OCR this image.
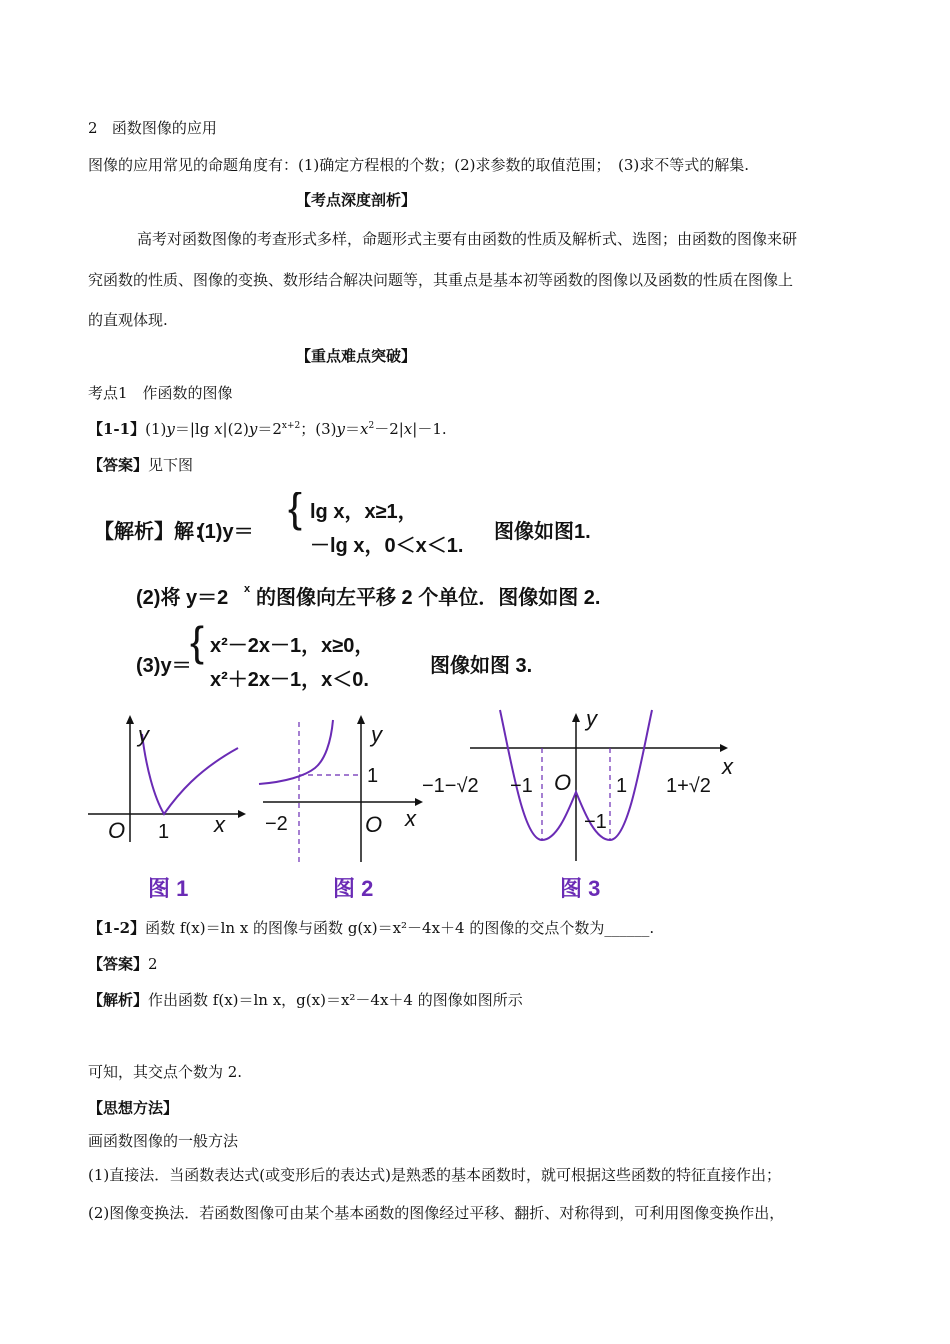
2 函数图像的应用
图像的应用常见的命题角度有：(1)确定方程根的个数；(2)求参数的取值范围；　(3)求不等式的解集.
【考点深度剖析】
高考对函数图像的考查形式多样，命题形式主要有由函数的性质及解析式、选图；由函数的图像来研
究函数的性质、图像的变换、数形结合解决问题等，其重点是基本初等函数的图像以及函数的性质在图像上
的直观体现.
【重点难点突破】
考点1　作函数的图像
【1-1】(1)y＝|lg $x|(2)y=2^{x+2}$；$(3)y=x^2-2|x|-1$.
【答案】见下图
【解析】解：
(1)y＝
{ lg x，x≥1，
－lg x，0＜x＜1.
图像如图1.
(2)将 y＝2 x 的图像向左平移 2 个单位．图像如图 2.
(3)y＝
{ x²－2x－1，x≥0，
x²＋2x－1，x＜0.
图像如图 3.
y
x
O 1
图 1
y
x
O
1
−2
图 2
y
x
O
−1−√2 −1
−1
1 1+√2
图 3
【1-2】函数 f(x)＝ln x 的图像与函数 g(x)＝x²－4x＋4 的图像的交点个数为______.
【答案】2
【解析】作出函数 f(x)＝ln x，g(x)＝x²－4x＋4 的图像如图所示
可知，其交点个数为 2.
【思想方法】
画函数图像的一般方法
(1)直接法．当函数表达式(或变形后的表达式)是熟悉的基本函数时，就可根据这些函数的特征直接作出；
(2)图像变换法．若函数图像可由某个基本函数的图像经过平移、翻折、对称得到，可利用图像变换作出，
